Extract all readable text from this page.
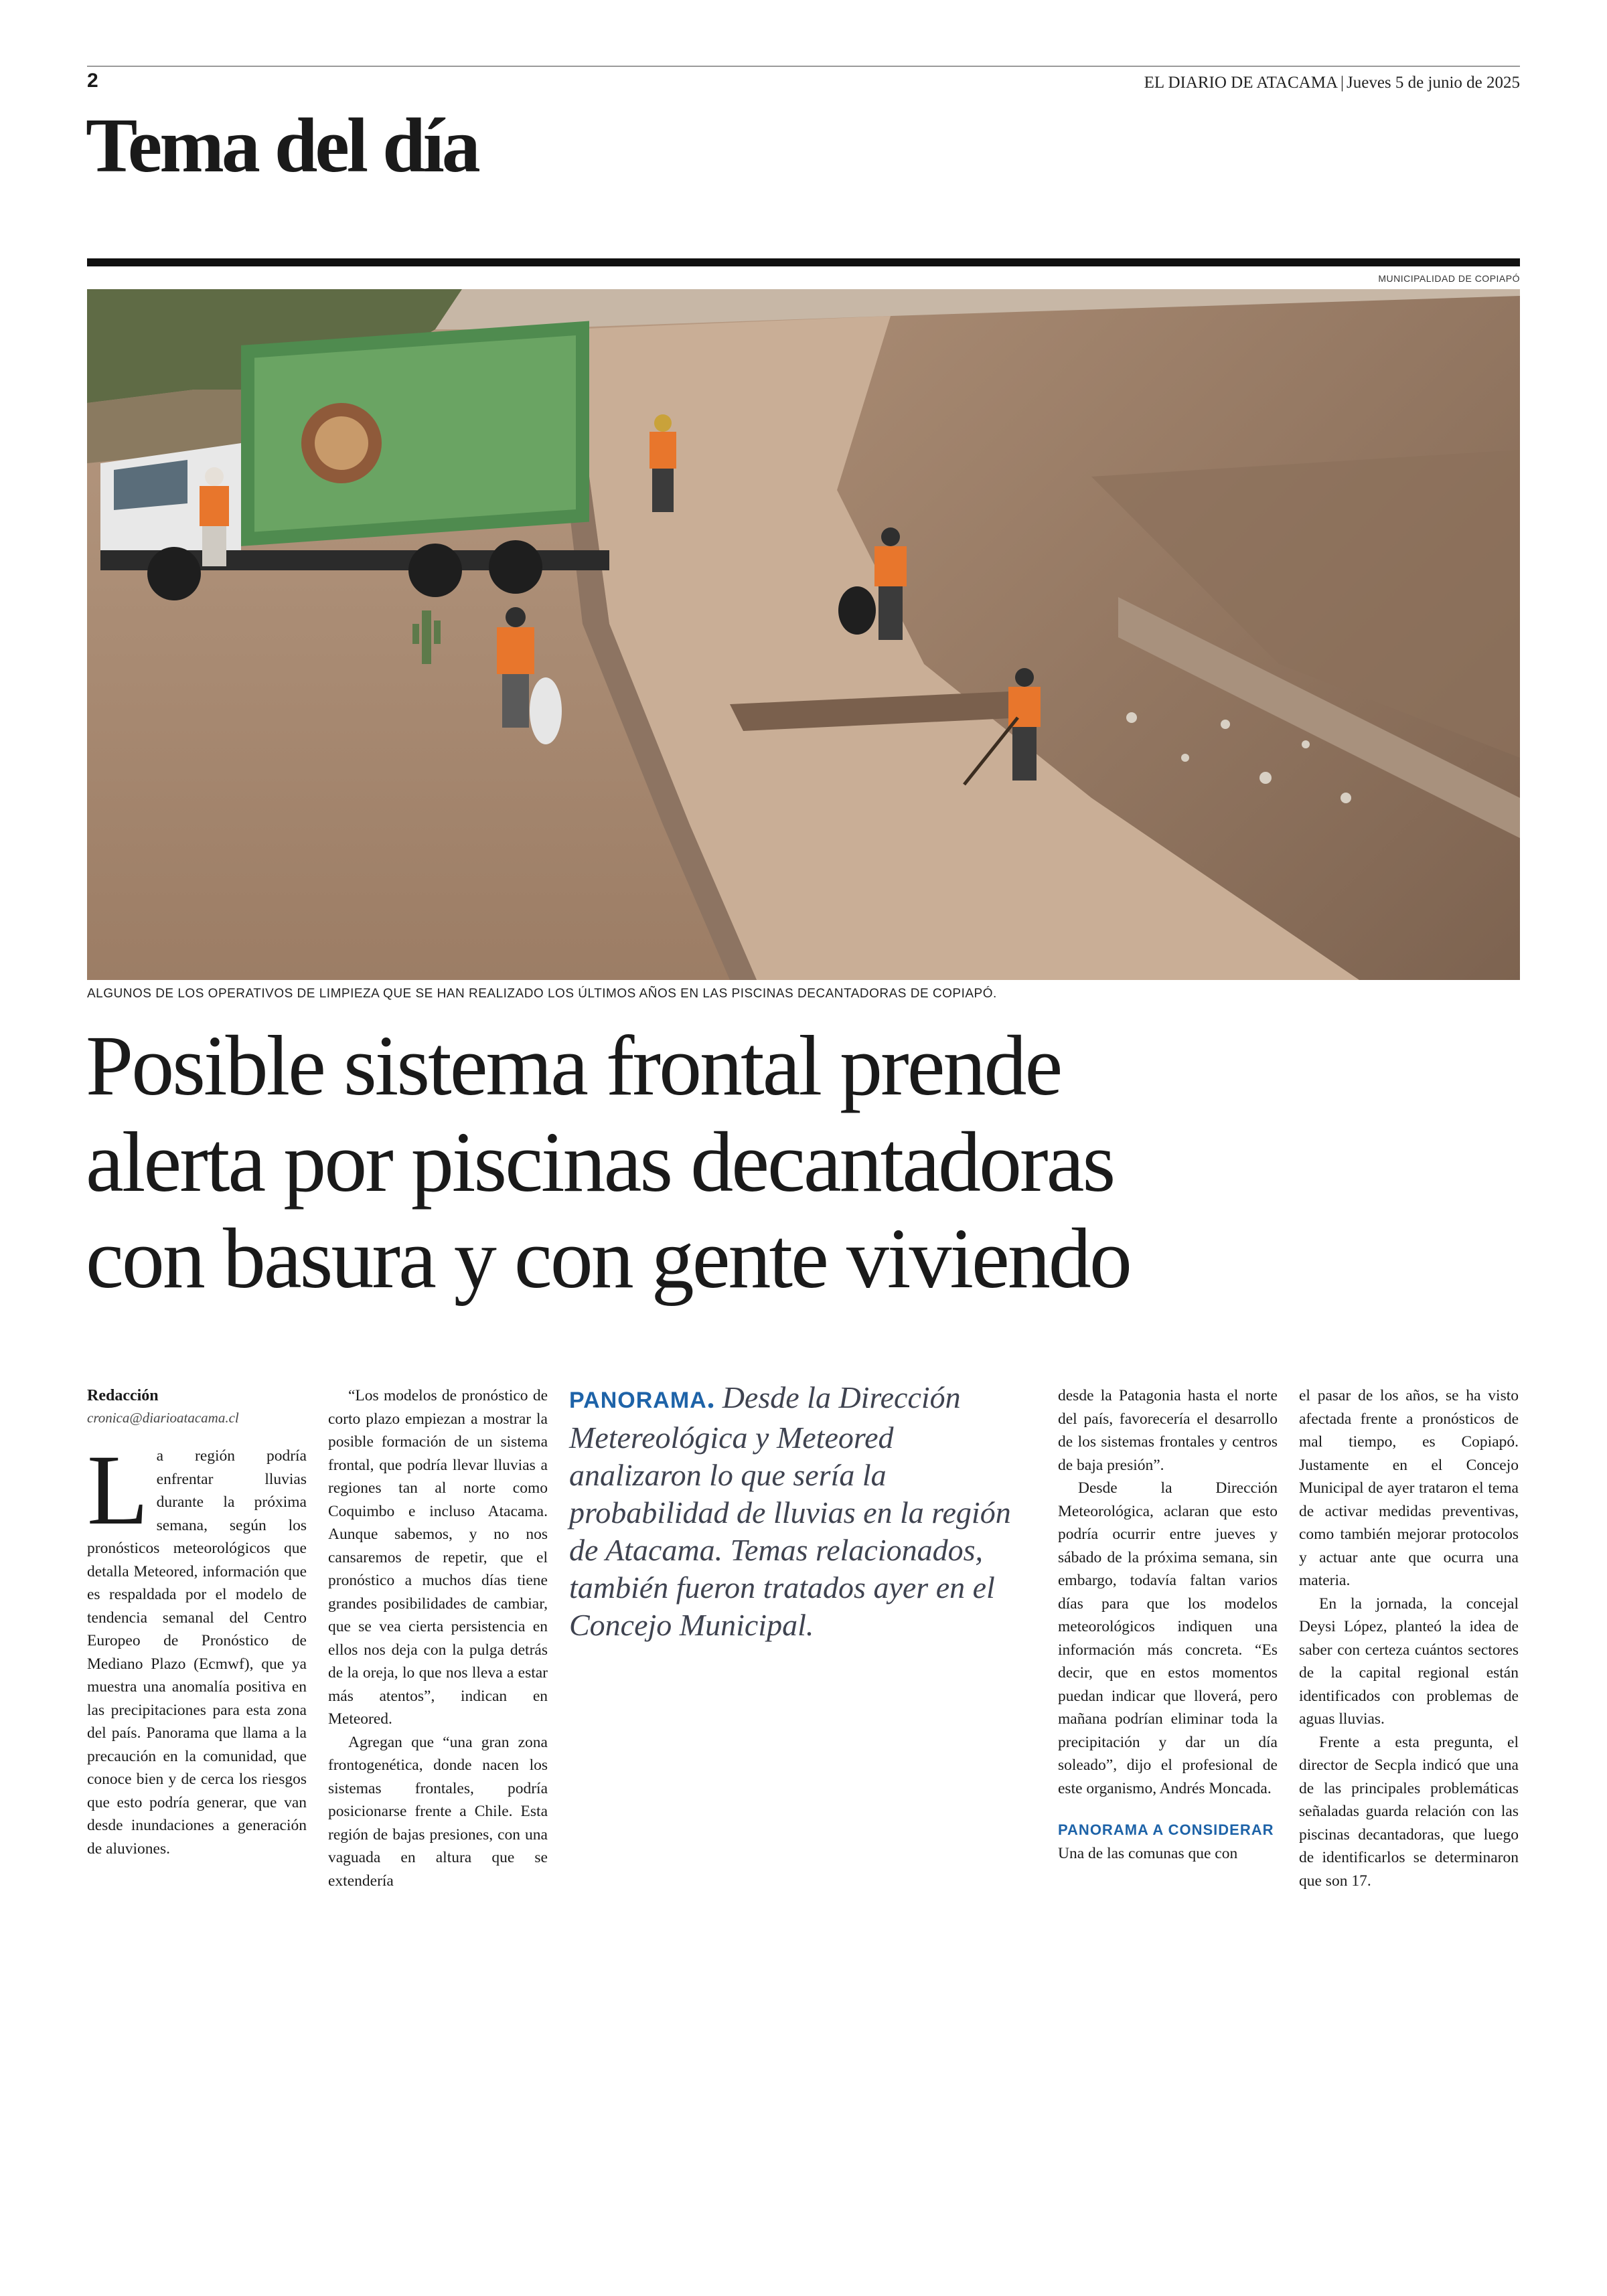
2	EL DIARIO DE ATACAMA | Jueves 5 de junio de 2025
Tema del día
MUNICIPALIDAD DE COPIAPÓ
ALGUNOS DE LOS OPERATIVOS DE LIMPIEZA QUE SE HAN REALIZADO LOS ÚLTIMOS AÑOS EN LAS PISCINAS DECANTADORAS DE COPIAPÓ.
Posible sistema frontal prende
alerta por piscinas decantadoras
con basura y con gente viviendo

Redacción

cronica@diarioatacama.cl

La región podría enfrentar lluvias durante la próxima semana, según los pronósticos meteorológicos que detalla Meteored, información que es respaldada por el modelo de tendencia semanal del Centro Europeo de Pronóstico de Mediano Plazo (Ecmwf), que ya muestra una anomalía positiva en las precipitaciones para esta zona del país. Panorama que llama a la precaución en la comunidad, que conoce bien y de cerca los riesgos que esto podría generar, que van desde inundaciones a generación de aluviones.

“Los modelos de pronóstico de corto plazo empiezan a mostrar la posible formación de un sistema frontal, que podría llevar lluvias a regiones tan al norte como Coquimbo e incluso Atacama. Aunque sabemos, y no nos cansaremos de repetir, que el pronóstico a muchos días tiene grandes posibilidades de cambiar, que se vea cierta persistencia en ellos nos deja con la pulga detrás de la oreja, lo que nos lleva a estar más atentos”, indican en Meteored.

Agregan que “una gran zona frontogenética, donde nacen los sistemas frontales, podría posicionarse frente a Chile. Esta región de bajas presiones, con una vaguada en altura que se extendería

PANORAMA. Desde la Dirección Metereológica y Meteored analizaron lo que sería la probabilidad de lluvias en la región de Atacama. Temas relacionados, también fueron tratados ayer en el Concejo Municipal.

desde la Patagonia hasta el norte del país, favorecería el desarrollo de los sistemas frontales y centros de baja presión”.

Desde la Dirección Meteorológica, aclaran que esto podría ocurrir entre jueves y sábado de la próxima semana, sin embargo, todavía faltan varios días para que los modelos meteorológicos indiquen una información más concreta. “Es decir, que en estos momentos puedan indicar que lloverá, pero mañana podrían eliminar toda la precipitación y dar un día soleado”, dijo el profesional de este organismo, Andrés Moncada.

PANORAMA A CONSIDERAR

Una de las comunas que con

el pasar de los años, se ha visto afectada frente a pronósticos de mal tiempo, es Copiapó. Justamente en el Concejo Municipal de ayer trataron el tema de activar medidas preventivas, como también mejorar protocolos y actuar ante que ocurra una materia.

En la jornada, la concejal Deysi López, planteó la idea de saber con certeza cuántos sectores de la capital regional están identificados con problemas de aguas lluvias.

Frente a esta pregunta, el director de Secpla indicó que una de las principales problemáticas señaladas guarda relación con las piscinas decantadoras, que luego de identificarlos se determinaron que son 17.
